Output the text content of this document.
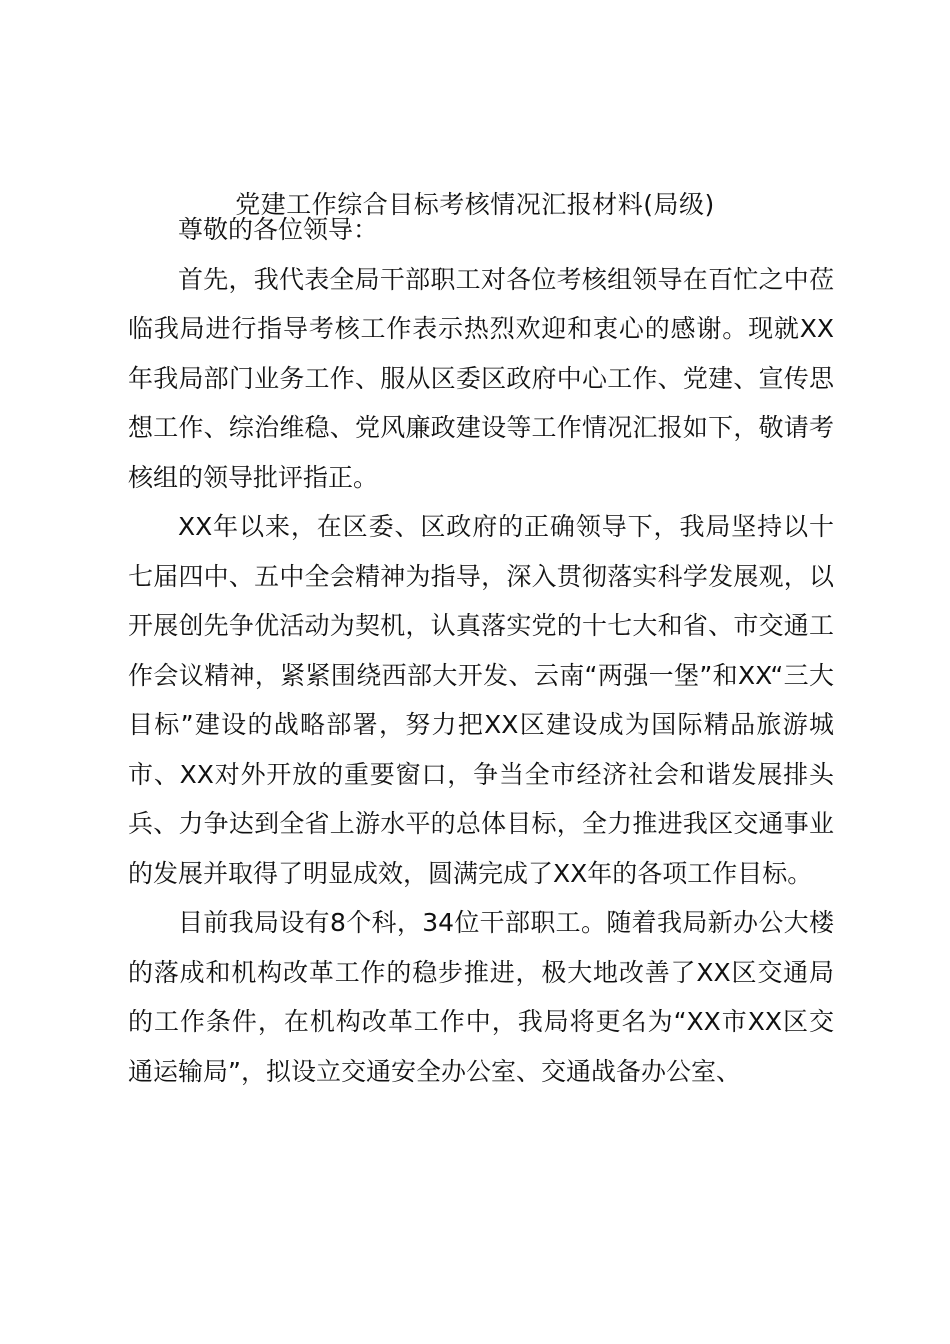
党建工作综合目标考核情况汇报材料(局级)

尊敬的各位领导：

首先，我代表全局干部职工对各位考核组领导在百忙之中莅临我局进行指导考核工作表示热烈欢迎和衷心的感谢。现就XX年我局部门业务工作、服从区委区政府中心工作、党建、宣传思想工作、综治维稳、党风廉政建设等工作情况汇报如下，敬请考核组的领导批评指正。

XX年以来，在区委、区政府的正确领导下，我局坚持以十七届四中、五中全会精神为指导，深入贯彻落实科学发展观，以开展创先争优活动为契机，认真落实党的十七大和省、市交通工作会议精神，紧紧围绕西部大开发、云南“两强一堡”和XX“三大目标”建设的战略部署，努力把XX区建设成为国际精品旅游城市、XX对外开放的重要窗口，争当全市经济社会和谐发展排头兵、力争达到全省上游水平的总体目标，全力推进我区交通事业的发展并取得了明显成效，圆满完成了XX年的各项工作目标。

目前我局设有8个科，34位干部职工。随着我局新办公大楼的落成和机构改革工作的稳步推进，极大地改善了XX区交通局的工作条件，在机构改革工作中，我局将更名为“XX市XX区交通运输局”，拟设立交通安全办公室、交通战备办公室、
